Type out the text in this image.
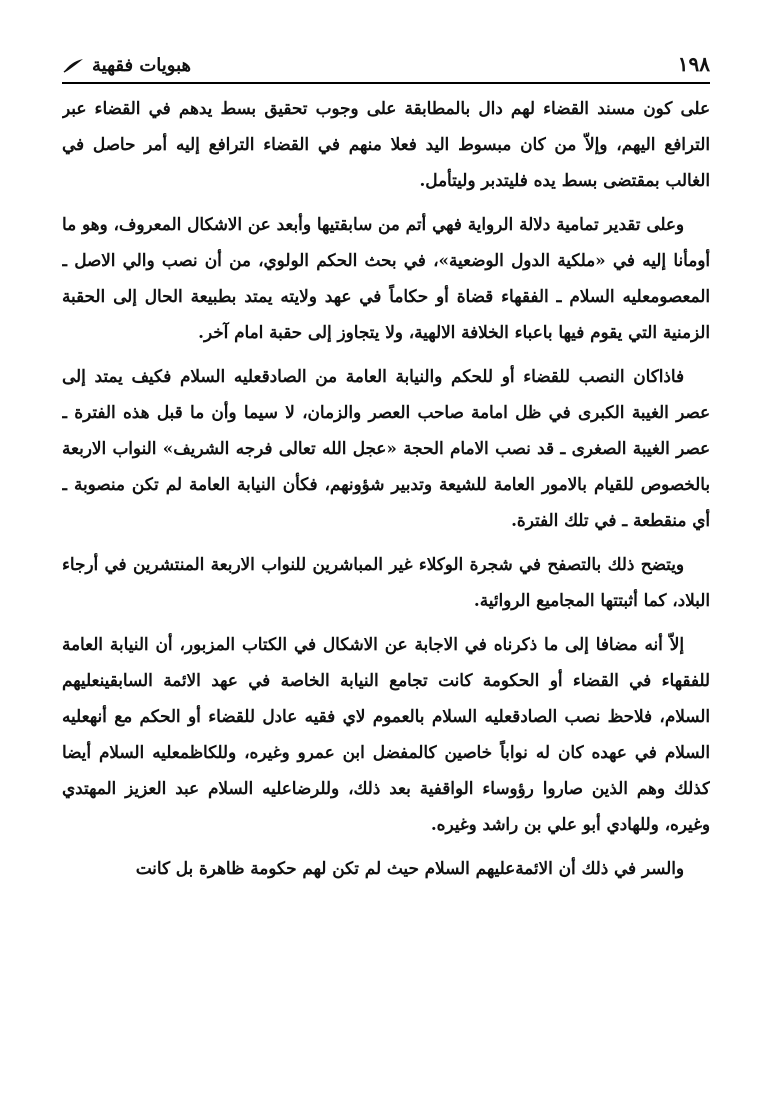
هبويات فقهية	١٩٨

على كون مسند القضاء لهم دال بالمطابقة على وجوب تحقيق بسط يدهم في القضاء عبر الترافع اليهم، وإلاّ من كان مبسوط اليد فعلا منهم في القضاء الترافع إليه أمر حاصل في الغالب بمقتضى بسط يده فليتدبر وليتأمل.

وعلى تقدير تمامية دلالة الرواية فهي أتم من سابقتيها وأبعد عن الاشكال المعروف، وهو ما أومأنا إليه في «ملكية الدول الوضعية»، في بحث الحكم الولوي، من أن نصب والي الاصل ـ المعصوم‏عليه السلام ـ الفقهاء قضاة أو حكاماً في عهد ولايته يمتد بطبيعة الحال إلى الحقبة الزمنية التي يقوم فيها باعباء الخلافة الالهية، ولا يتجاوز إلى حقبة امام آخر.

فاذاكان النصب للقضاء أو للحكم والنيابة العامة من الصادق‏عليه السلام فكيف يمتد إلى عصر الغيبة الكبرى في ظل امامة صاحب العصر والزمان، لا سيما وأن ما قبل هذه الفترة ـ عصر الغيبة الصغرى ـ قد نصب الامام الحجة «عجل الله تعالى فرجه الشريف» النواب الاربعة بالخصوص للقيام بالامور العامة للشيعة وتدبير شؤونهم، فكأن النيابة العامة لم تكن منصوبة ـ أي منقطعة ـ في تلك الفترة.

ويتضح ذلك بالتصفح في شجرة الوكلاء غير المباشرين للنواب الاربعة المنتشرين في أرجاء البلاد، كما أثبتتها المجاميع الروائية.

إلاّ أنه مضافا إلى ما ذكرناه في الاجابة عن الاشكال في الكتاب المزبور، أن النيابة العامة للفقهاء في القضاء أو الحكومة كانت تجامع النيابة الخاصة في عهد الائمة السابقين‏عليهم السلام، فلاحظ نصب الصادق‏عليه السلام بالعموم لاي فقيه عادل للقضاء أو الحكم مع أنه‏عليه السلام في عهده كان له نواباً خاصين كالمفضل ابن عمرو وغيره، وللكاظم‏عليه السلام أيضا كذلك وهم الذين صاروا رؤوساء الواقفية بعد ذلك، وللرضا‏عليه السلام عبد العزيز المهتدي وغيره، وللهادي أبو علي بن راشد وغيره.

والسر في ذلك أن الائمة‏عليهم السلام حيث لم تكن لهم حكومة ظاهرة بل كانت
